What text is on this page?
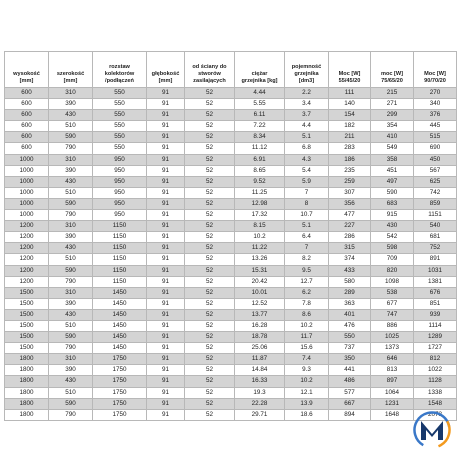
wysokość
[mm]	szerokość
[mm]	rozstaw
kolektorów
/podłączeń	głębokość
[mm]	od ściany do
stworów
zasilających	ciężar
grzejnika [kg]	pojemność
grzejnika
[dm3]	Moc [W]
55/45/20	moc [W]
75/65/20	Moc [W]
90/70/20
600	310	550	91	52	4.44	2.2	111	215	270
600	390	550	91	52	5.55	3.4	140	271	340
600	430	550	91	52	6.11	3.7	154	299	376
600	510	550	91	52	7.22	4.4	182	354	445
600	590	550	91	52	8.34	5.1	211	410	515
600	790	550	91	52	11.12	6.8	283	549	690
1000	310	950	91	52	6.91	4.3	186	358	450
1000	390	950	91	52	8.65	5.4	235	451	567
1000	430	950	91	52	9.52	5.9	259	497	625
1000	510	950	91	52	11.25	7	307	590	742
1000	590	950	91	52	12.98	8	356	683	859
1000	790	950	91	52	17.32	10.7	477	915	1151
1200	310	1150	91	52	8.15	5.1	227	430	540
1200	390	1150	91	52	10.2	6.4	286	542	681
1200	430	1150	91	52	11.22	7	315	598	752
1200	510	1150	91	52	13.26	8.2	374	709	891
1200	590	1150	91	52	15.31	9.5	433	820	1031
1200	790	1150	91	52	20.42	12.7	580	1098	1381
1500	310	1450	91	52	10.01	6.2	289	538	676
1500	390	1450	91	52	12.52	7.8	363	677	851
1500	430	1450	91	52	13.77	8.6	401	747	939
1500	510	1450	91	52	16.28	10.2	476	886	1114
1500	590	1450	91	52	18.78	11.7	550	1025	1289
1500	790	1450	91	52	25.06	15.6	737	1373	1727
1800	310	1750	91	52	11.87	7.4	350	646	812
1800	390	1750	91	52	14.84	9.3	441	813	1022
1800	430	1750	91	52	16.33	10.2	486	897	1128
1800	510	1750	91	52	19.3	12.1	577	1064	1338
1800	590	1750	91	52	22.28	13.9	667	1231	1548
1800	790	1750	91	52	29.71	18.6	894	1648	2073
